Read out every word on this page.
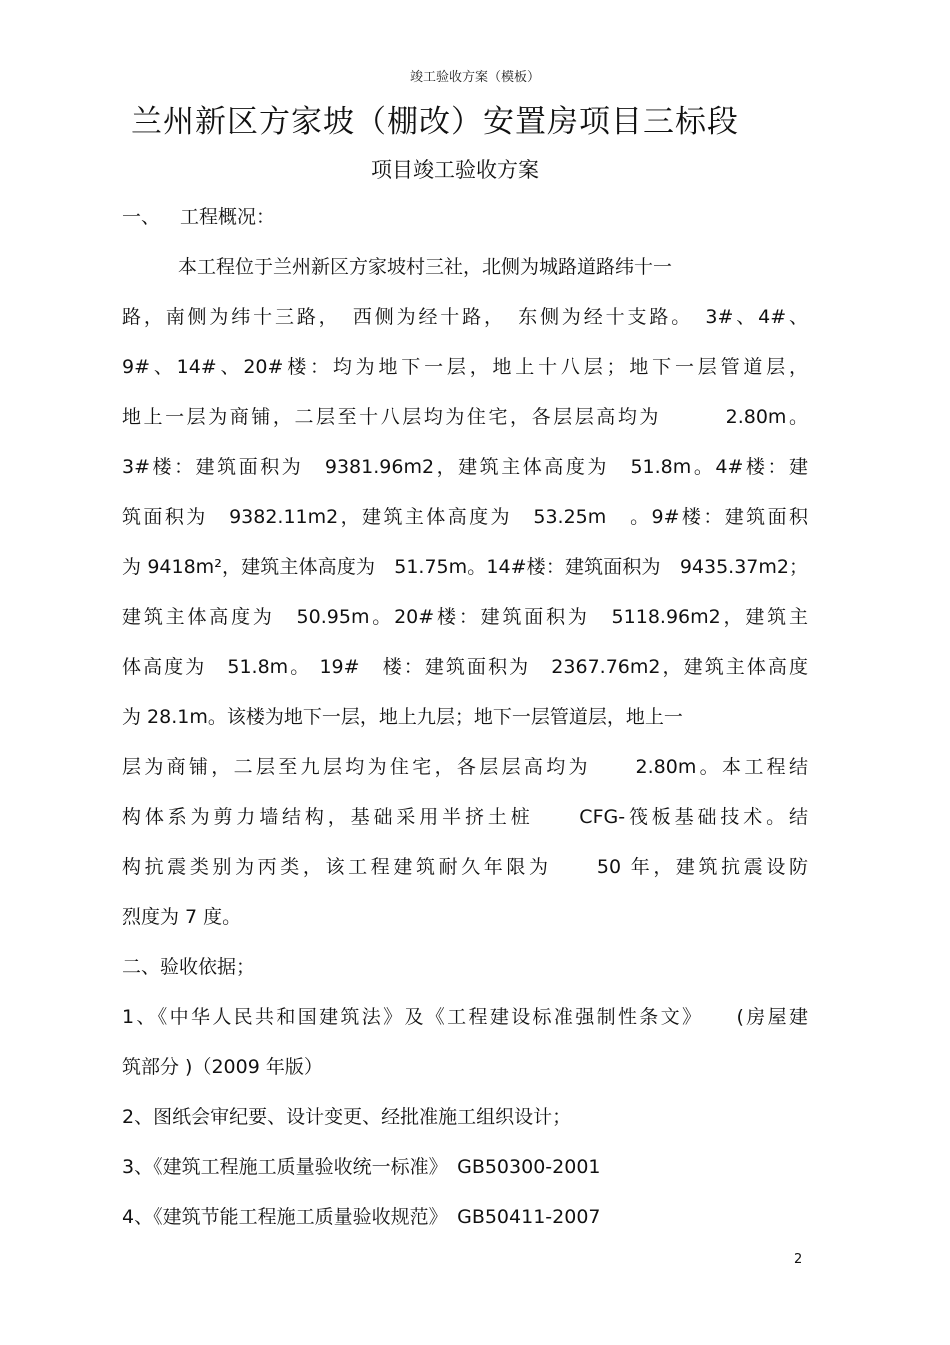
竣工验收方案（模板）
兰州新区方家坡（棚改）安置房项目三标段
项目竣工验收方案
一、 工程概况：
本工程位于兰州新区方家坡村三社，北侧为城路道路纬十一
路，南侧为纬十三路，　西侧为经十路，　东侧为经十支路。　3#、4#、
9#、14#、20#楼：均为地下一层，地上十八层；地下一层管道层，
地上一层为商铺，二层至十八层均为住宅，各层层高均为　　　2.80m。
3#楼：建筑面积为　9381.96m2，建筑主体高度为　51.8m。4#楼：建
筑面积为　9382.11m2，建筑主体高度为　53.25m　。9#楼：建筑面积
为 9418m²，建筑主体高度为　51.75m。14#楼：建筑面积为　9435.37m2；
建筑主体高度为　50.95m。20#楼：建筑面积为　5118.96m2，建筑主
体高度为　51.8m。 19#　楼：建筑面积为　2367.76m2，建筑主体高度
为 28.1m。该楼为地下一层，地上九层；地下一层管道层，地上一
层为商铺，二层至九层均为住宅，各层层高均为　　2.80m。本工程结
构体系为剪力墙结构，基础采用半挤土桩　　CFG-筏板基础技术。结
构抗震类别为丙类，该工程建筑耐久年限为　　50 年，建筑抗震设防
烈度为 7 度。
二、验收依据；
1、《中华人民共和国建筑法》及《工程建设标准强制性条文》　　(房屋建
筑部分 )（2009 年版）
2、图纸会审纪要、设计变更、经批准施工组织设计；
3、《建筑工程施工质量验收统一标准》　GB50300-2001
4、《建筑节能工程施工质量验收规范》　GB50411-2007
2
